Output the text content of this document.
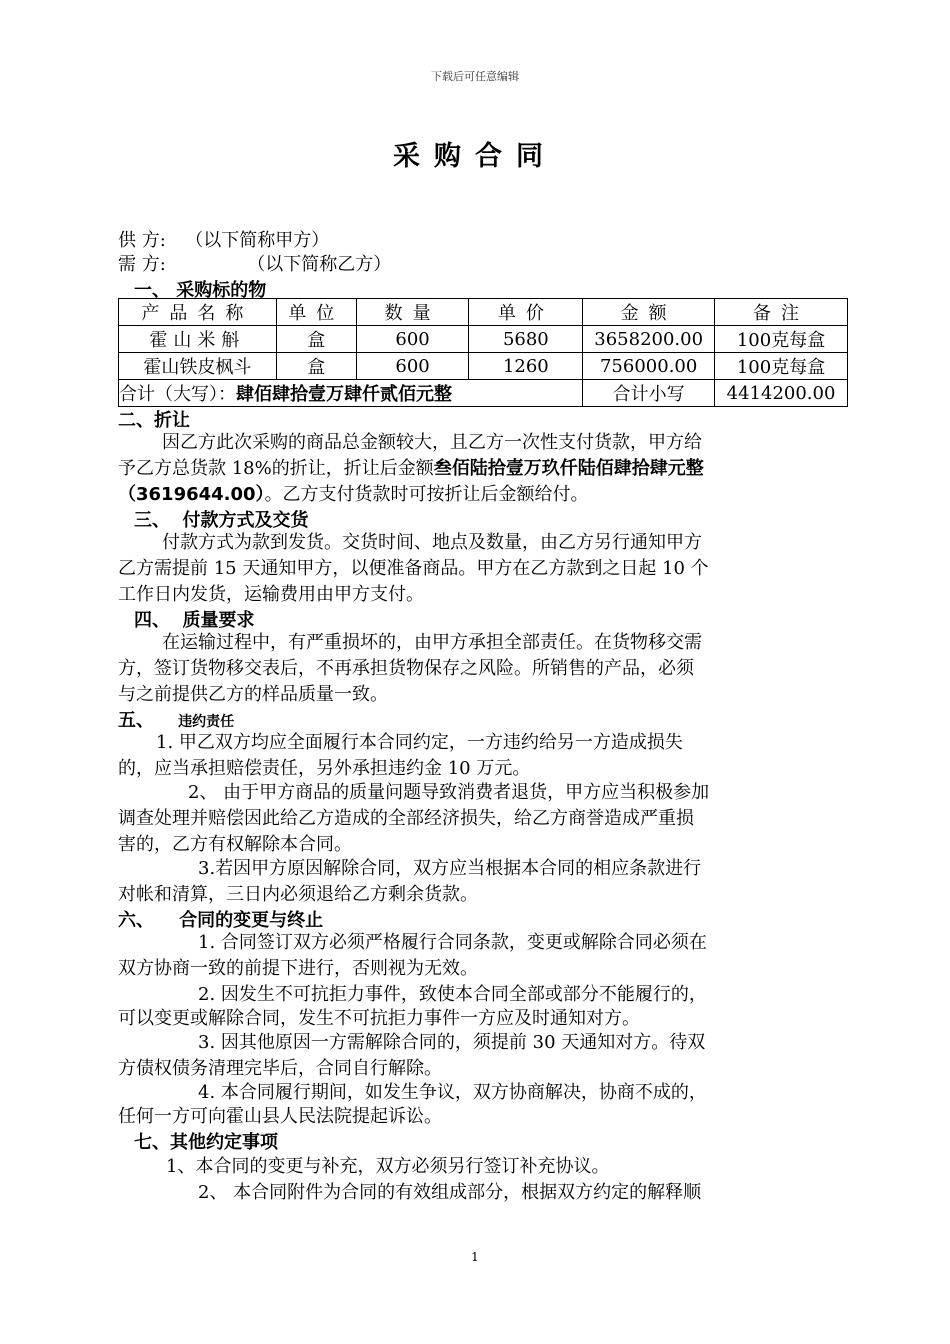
下载后可任意编辑
采购合同
供 方: （以下简称甲方）
需 方:	（以下简称乙方）
一、 采购标的物
产品名称	单位	数量	单价	金额	备注
霍山米斛	盒	600	5680	3658200.00	100克每盒
霍山铁皮枫斗	盒	600	1260	756000.00	100克每盒
合计（大写）：肆佰肆拾壹万肆仟贰佰元整				合计小写	4414200.00
二、折让
因乙方此次采购的商品总金额较大，且乙方一次性支付货款，甲方给
予乙方总货款 18%的折让，折让后金额叁佰陆拾壹万玖仟陆佰肆拾肆元整
（3619644.00）。乙方支付货款时可按折让后金额给付。
三、  付款方式及交货
付款方式为款到发货。交货时间、地点及数量，由乙方另行通知甲方
乙方需提前 15 天通知甲方，以便准备商品。甲方在乙方款到之日起 10 个
工作日内发货，运输费用由甲方支付。
四、  质量要求
在运输过程中，有严重损坏的，由甲方承担全部责任。在货物移交需
方，签订货物移交表后，不再承担货物保存之风险。所销售的产品，必须
与之前提供乙方的样品质量一致。
五、 违约责任
1. 甲乙双方均应全面履行本合同约定，一方违约给另一方造成损失
的，应当承担赔偿责任，另外承担违约金 10 万元。
2、 由于甲方商品的质量问题导致消费者退货，甲方应当积极参加
调查处理并赔偿因此给乙方造成的全部经济损失，给乙方商誉造成严重损
害的，乙方有权解除本合同。
3.若因甲方原因解除合同，双方应当根据本合同的相应条款进行
对帐和清算，三日内必须退给乙方剩余货款。
六、    合同的变更与终止
1. 合同签订双方必须严格履行合同条款，变更或解除合同必须在
双方协商一致的前提下进行，否则视为无效。
2. 因发生不可抗拒力事件，致使本合同全部或部分不能履行的，
可以变更或解除合同，发生不可抗拒力事件一方应及时通知对方。
3. 因其他原因一方需解除合同的，须提前 30 天通知对方。待双
方债权债务清理完毕后，合同自行解除。
4. 本合同履行期间，如发生争议，双方协商解决，协商不成的，
任何一方可向霍山县人民法院提起诉讼。
七、其他约定事项
1、本合同的变更与补充，双方必须另行签订补充协议。
2、 本合同附件为合同的有效组成部分，根据双方约定的解释顺
1
